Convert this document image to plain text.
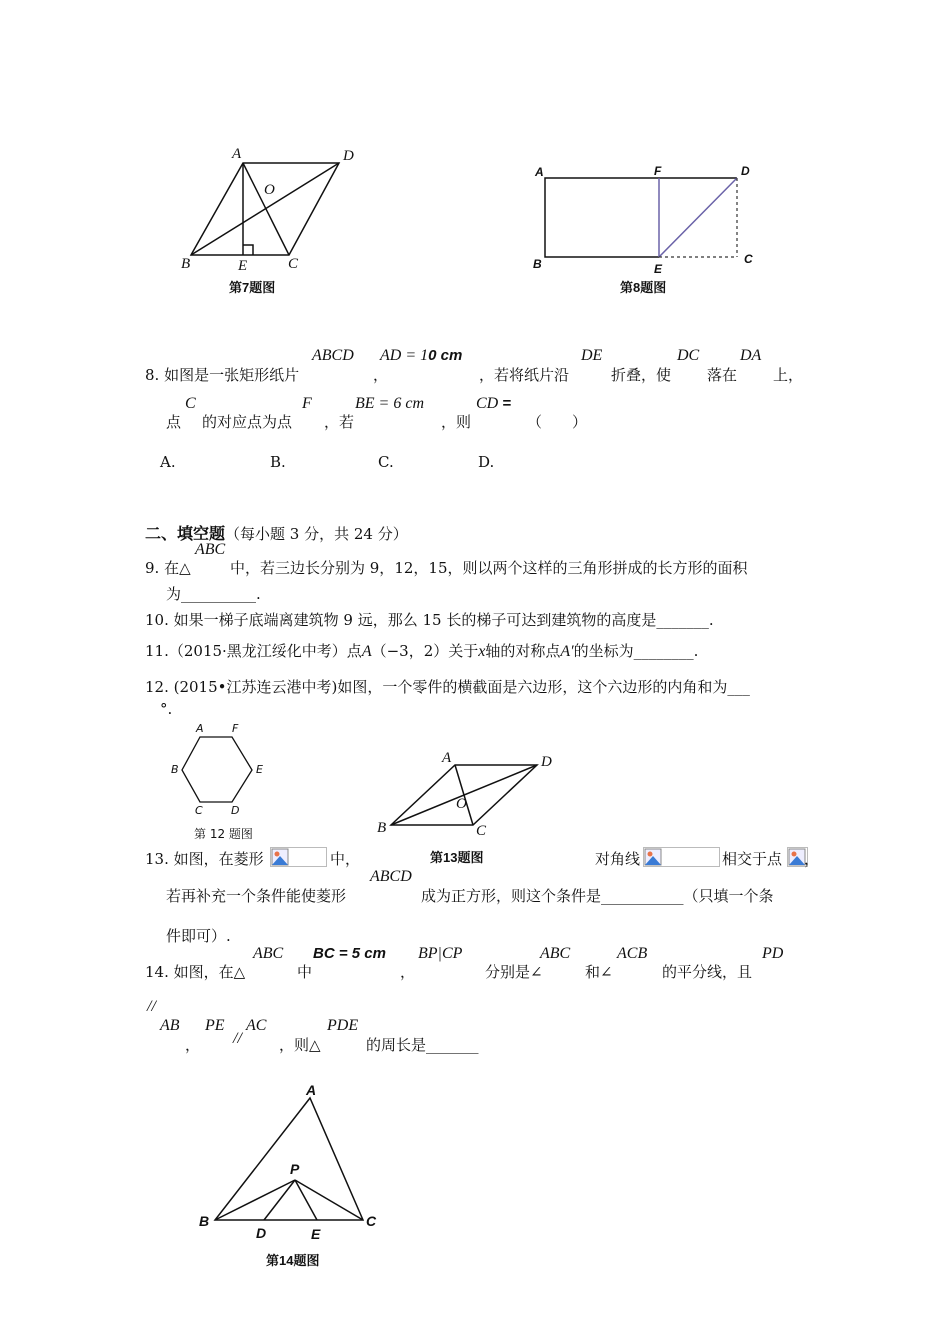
A	D
O
B	E	C
第7题图
A	F	D
B	E
C
第8题图
ABCD AD = 10 cm	DE	DC	DA
8. 如图是一张矩形纸片	，	，若将纸片沿	折叠，使 落在 上，
C	F	BE = 6 cm	CD =
点 的对应点为点 ，若	，则	（　　）
A.	B.	C.	D.
二、填空题（每小题 3 分，共 24 分）
ABC
9. 在△	中，若三边长分别为 9，12，15，则以两个这样的三角形拼成的长方形的面积
为__________.
10. 如果一梯子底端离建筑物 9 远，那么 15 长的梯子可达到建筑物的高度是_______.
11.（2015·黑龙江绥化中考）点A（−3，2）关于x轴的对称点A′的坐标为________.
12. (2015•江苏连云港中考)如图，一个零件的横截面是六边形，这个六边形的内角和为___
°.
A	F
B	E
C	D
第 12 题图
A	D
O
B	C
第13题图
13. 如图，在菱形	中，	对角线	相交于点 ，
ABCD
若再补充一个条件能使菱形	成为正方形，则这个条件是___________（只填一个条
件即可）.
ABC BC = 5 cm BP|CP	ABC	ACB	PD
14. 如图，在△	中	，	分别是∠	和∠	的平分线，且
//
AB PE AC	PDE
， // ，则△	的周长是_______
A
P
B
D	E
C
第14题图
